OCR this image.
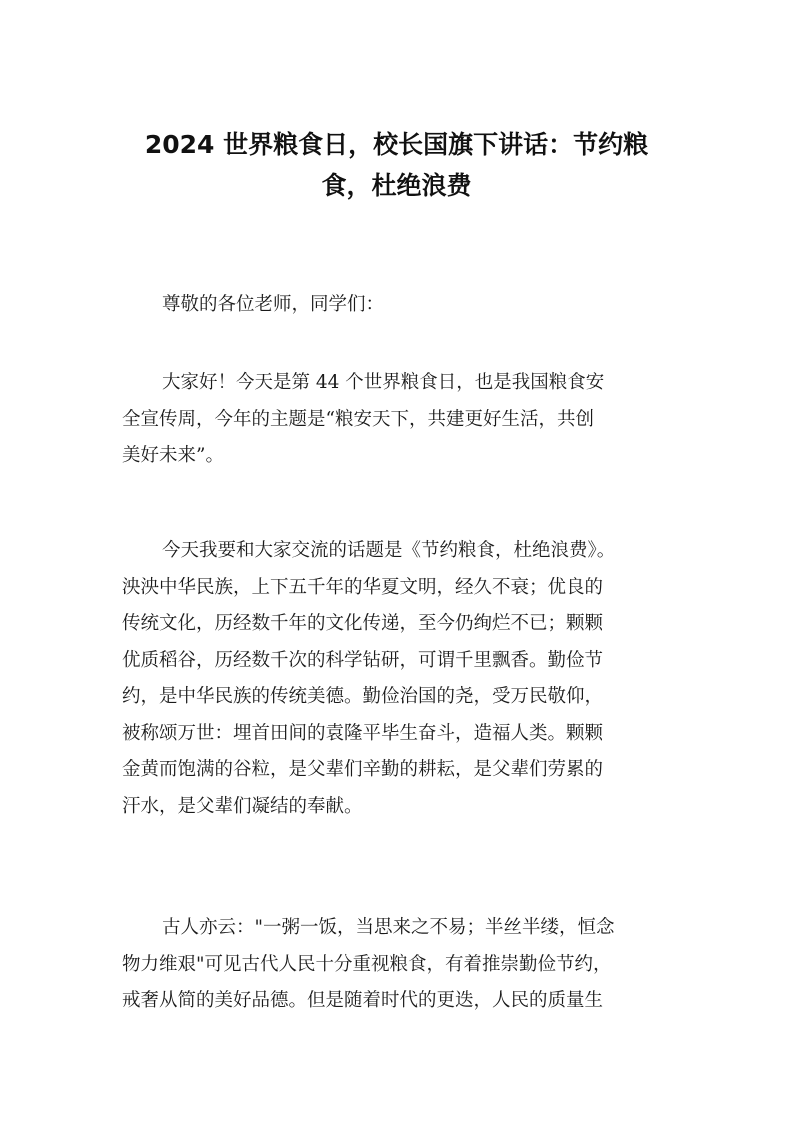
2024 世界粮食日，校长国旗下讲话：节约粮
食，杜绝浪费

尊敬的各位老师，同学们：

大家好！今天是第 44 个世界粮食日，也是我国粮食安
全宣传周，今年的主题是“粮安天下，共建更好生活，共创
美好未来”。

今天我要和大家交流的话题是《节约粮食，杜绝浪费》。
泱泱中华民族，上下五千年的华夏文明，经久不衰；优良的
传统文化，历经数千年的文化传递，至今仍绚烂不已；颗颗
优质稻谷，历经数千次的科学钻研，可谓千里飘香。勤俭节
约，是中华民族的传统美德。勤俭治国的尧，受万民敬仰，
被称颂万世：埋首田间的袁隆平毕生奋斗，造福人类。颗颗
金黄而饱满的谷粒，是父辈们辛勤的耕耘，是父辈们劳累的
汗水，是父辈们凝结的奉献。

古人亦云："一粥一饭，当思来之不易；半丝半缕，恒念
物力维艰"可见古代人民十分重视粮食，有着推崇勤俭节约，
戒奢从简的美好品德。但是随着时代的更迭，人民的质量生
